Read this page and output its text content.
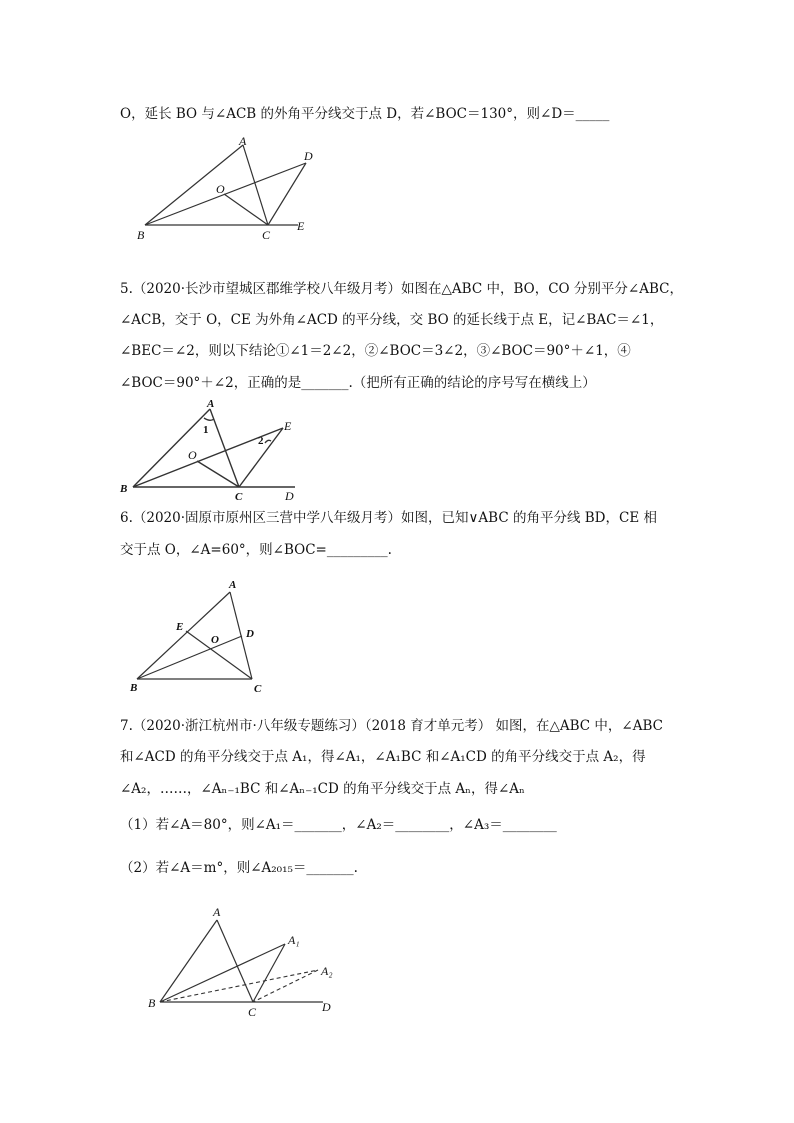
O，延长 BO 与∠ACB 的外角平分线交于点 D，若∠BOC＝130°，则∠D＝_____
A
B	C
D
E
O
5.（2020·长沙市望城区郡维学校八年级月考）如图在△ABC 中，BO，CO 分别平分∠ABC，
∠ACB，交于 O，CE 为外角∠ACD 的平分线，交 BO 的延长线于点 E，记∠BAC＝∠1，
∠BEC＝∠2，则以下结论①∠1＝2∠2，②∠BOC＝3∠2，③∠BOC＝90°＋∠1，④
∠BOC＝90°＋∠2，正确的是_______.（把所有正确的结论的序号写在横线上）
A
B
C	D
E
O
1
2
6.（2020·固原市原州区三营中学八年级月考）如图，已知∨ABC 的角平分线 BD，CE 相
交于点 O，∠A=60°，则∠BOC=_________.
A
B	C
D
E
O
7.（2020·浙江杭州市·八年级专题练习）（2018 育才单元考） 如图，在△ABC 中，∠ABC
和∠ACD 的角平分线交于点 A₁，得∠A₁，∠A₁BC 和∠A₁CD 的角平分线交于点 A₂，得
∠A₂，……，∠Aₙ₋₁BC 和∠Aₙ₋₁CD 的角平分线交于点 Aₙ，得∠Aₙ
（1）若∠A＝80°，则∠A₁＝_______，∠A₂＝________，∠A₃＝________
（2）若∠A＝m°，则∠A₂₀₁₅＝_______.
A
A₁
A₂
B
C	D
